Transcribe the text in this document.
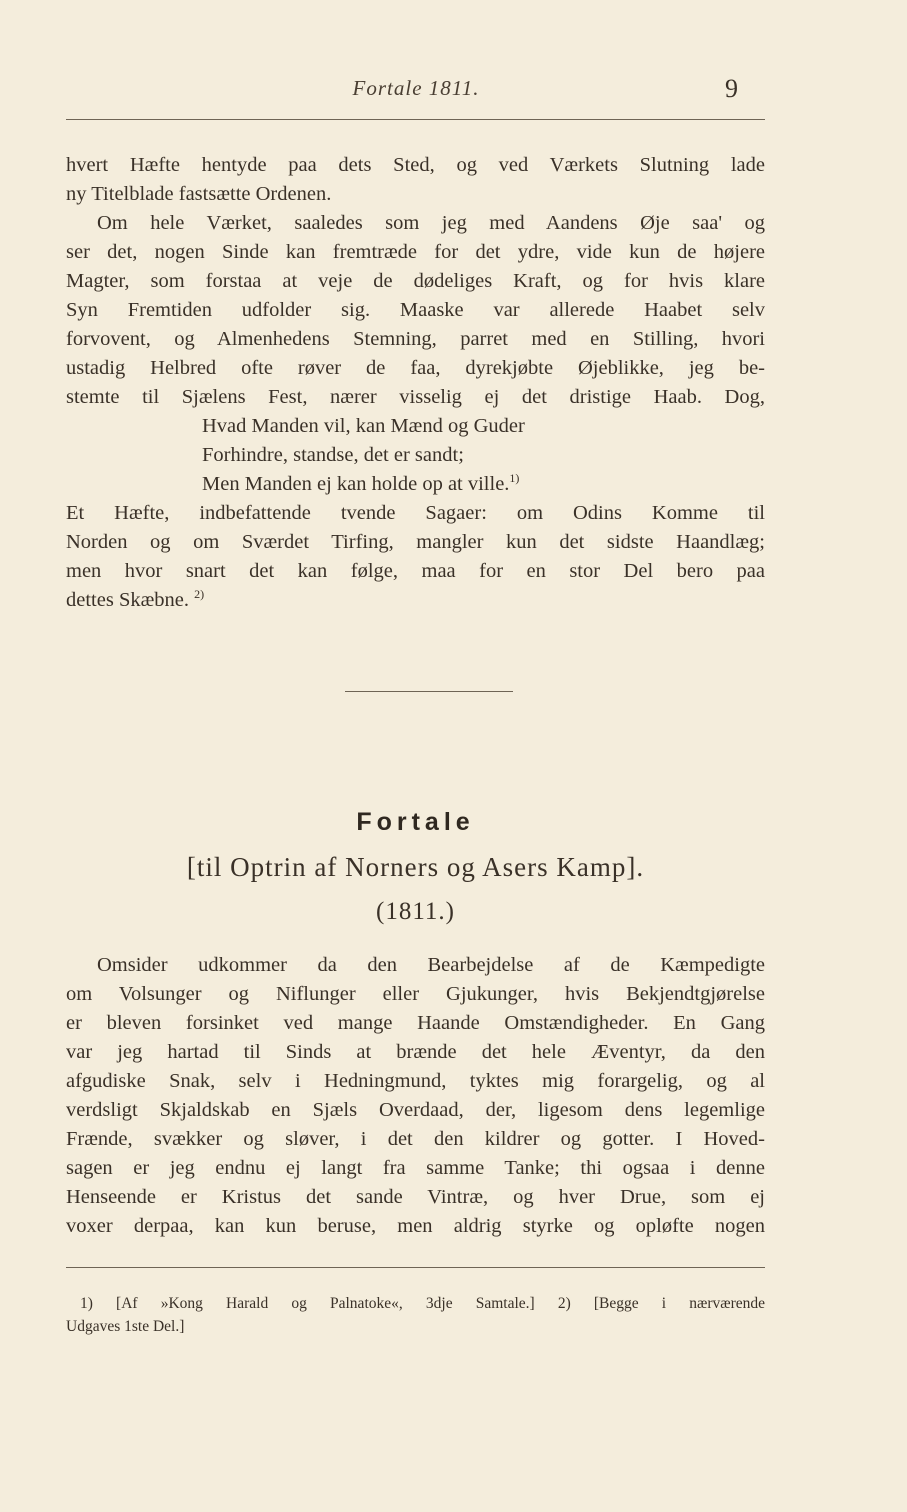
Fortale 1811.	9
hvert Hæfte hentyde paa dets Sted, og ved Værkets Slutning lade
ny Titelblade fastsætte Ordenen.
Om hele Værket, saaledes som jeg med Aandens Øje saa' og
ser det, nogen Sinde kan fremtræde for det ydre, vide kun de højere
Magter, som forstaa at veje de dødeliges Kraft, og for hvis klare
Syn Fremtiden udfolder sig. Maaske var allerede Haabet selv
forvovent, og Almenhedens Stemning, parret med en Stilling, hvori
ustadig Helbred ofte røver de faa, dyrekjøbte Øjeblikke, jeg be-
stemte til Sjælens Fest, nærer visselig ej det dristige Haab. Dog,
Hvad Manden vil, kan Mænd og Guder
Forhindre, standse, det er sandt;
Men Manden ej kan holde op at ville.$^{1)}$
Et Hæfte, indbefattende tvende Sagaer: om Odins Komme til
Norden og om Sværdet Tirfing, mangler kun det sidste Haandlæg;
men hvor snart det kan følge, maa for en stor Del bero paa
dettes Skæbne. $^{2)}$
Fortale
[til Optrin af Norners og Asers Kamp].
(1811.)
Omsider udkommer da den Bearbejdelse af de Kæmpedigte
om Volsunger og Niflunger eller Gjukunger, hvis Bekjendtgjørelse
er bleven forsinket ved mange Haande Omstændigheder. En Gang
var jeg hartad til Sinds at brænde det hele Æventyr, da den
afgudiske Snak, selv i Hedningmund, tyktes mig forargelig, og al
verdsligt Skjaldskab en Sjæls Overdaad, der, ligesom dens legemlige
Frænde, svækker og sløver, i det den kildrer og gotter. I Hoved-
sagen er jeg endnu ej langt fra samme Tanke; thi ogsaa i denne
Henseende er Kristus det sande Vintræ, og hver Drue, som ej
voxer derpaa, kan kun beruse, men aldrig styrke og opløfte nogen
1) [Af »Kong Harald og Palnatoke«, 3dje Samtale.] 2) [Begge i nærværende
Udgaves 1ste Del.]
